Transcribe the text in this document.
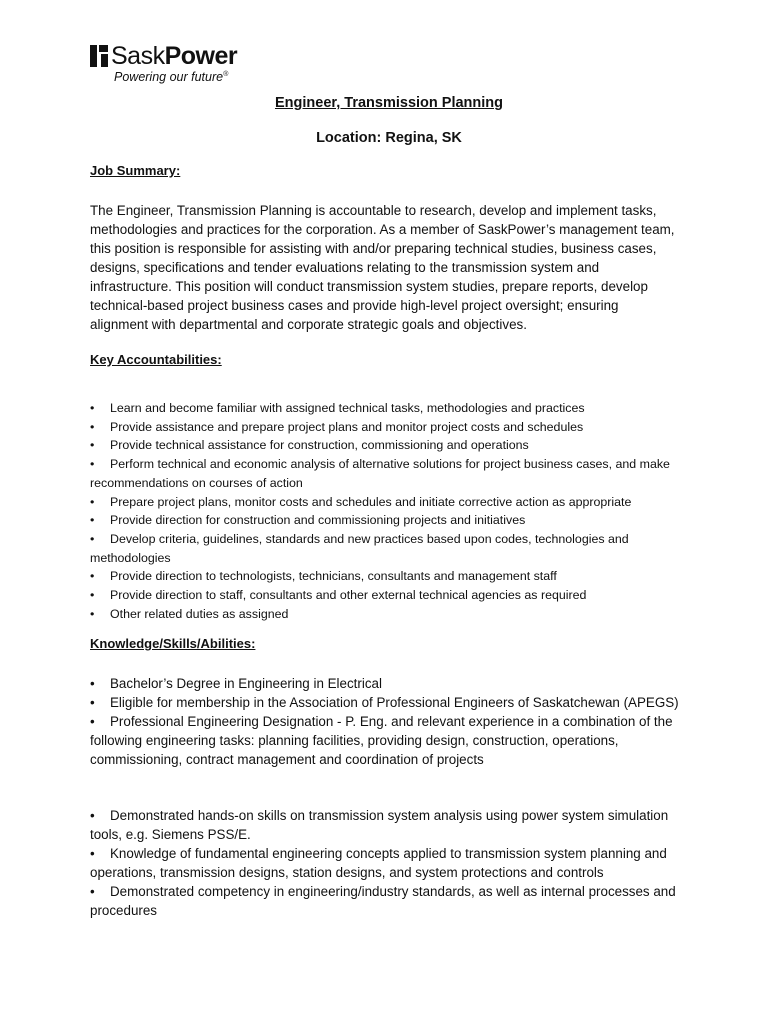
SaskPower
Powering our future®
Engineer, Transmission Planning
Location: Regina, SK
Job Summary:
The Engineer, Transmission Planning is accountable to research, develop and implement tasks, methodologies and practices for the corporation. As a member of SaskPower’s management team, this position is responsible for assisting with and/or preparing technical studies, business cases, designs, specifications and tender evaluations relating to the transmission system and infrastructure. This position will conduct transmission system studies, prepare reports, develop technical-based project business cases and provide high-level project oversight; ensuring alignment with departmental and corporate strategic goals and objectives.
Key Accountabilities:
• Learn and become familiar with assigned technical tasks, methodologies and practices
• Provide assistance and prepare project plans and monitor project costs and schedules
• Provide technical assistance for construction, commissioning and operations
• Perform technical and economic analysis of alternative solutions for project business cases, and make recommendations on courses of action
• Prepare project plans, monitor costs and schedules and initiate corrective action as appropriate
• Provide direction for construction and commissioning projects and initiatives
• Develop criteria, guidelines, standards and new practices based upon codes, technologies and methodologies
• Provide direction to technologists, technicians, consultants and management staff
• Provide direction to staff, consultants and other external technical agencies as required
• Other related duties as assigned
Knowledge/Skills/Abilities:
• Bachelor’s Degree in Engineering in Electrical
• Eligible for membership in the Association of Professional Engineers of Saskatchewan (APEGS)
• Professional Engineering Designation - P. Eng. and relevant experience in a combination of the following engineering tasks: planning facilities, providing design, construction, operations, commissioning, contract management and coordination of projects
• Demonstrated hands-on skills on transmission system analysis using power system simulation tools, e.g. Siemens PSS/E.
• Knowledge of fundamental engineering concepts applied to transmission system planning and operations, transmission designs, station designs, and system protections and controls
• Demonstrated competency in engineering/industry standards, as well as internal processes and procedures
